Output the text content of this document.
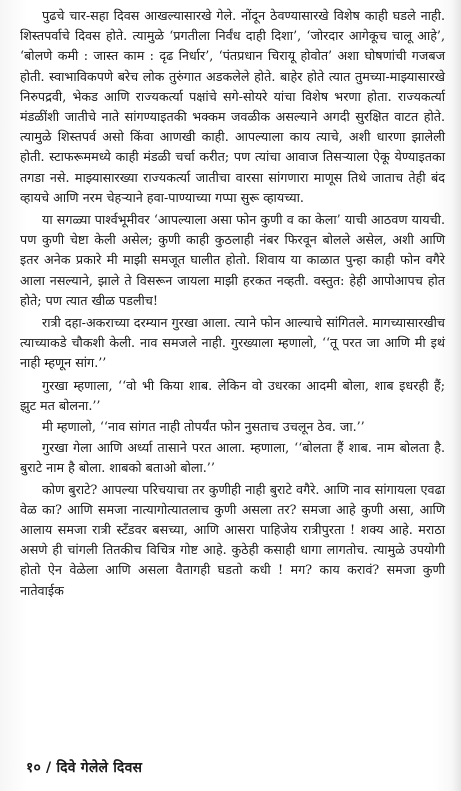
पुढचे चार-सहा दिवस आखल्यासारखे गेले. नोंदून ठेवण्यासारखे विशेष काही घडले नाही. शिस्तपर्वाचे दिवस होते. त्यामुळे ‘प्रगतीला निर्वंध दाही दिशा’, ‘जोरदार आगेकूच चालू आहे’, ‘बोलणे कमी : जास्त काम : दृढ निर्धार’, ‘पंतप्रधान चिरायू होवोत’ अशा घोषणांची गजबज होती. स्वाभाविकपणे बरेच लोक तुरुंगात अडकलेले होते. बाहेर होते त्यात तुमच्या-माझ्यासारखे निरुपद्रवी, भेकड आणि राज्यकर्त्या पक्षांचे सगे-सोयरे यांचा विशेष भरणा होता. राज्यकर्त्या मंडळींशी जातीचे नाते सांगण्याइतकी भक्कम जवळीक असल्याने अगदी सुरक्षित वाटत होते. त्यामुळे शिस्तपर्व असो किंवा आणखी काही. आपल्याला काय त्याचे, अशी धारणा झालेली होती. स्टाफरूममध्ये काही मंडळी चर्चा करीत; पण त्यांचा आवाज तिसऱ्याला ऐकू येण्याइतका तगडा नसे. माझ्यासारख्या राज्यकर्त्या जातीचा वारसा सांगणारा माणूस तिथे जाताच तेही बंद व्हायचे आणि नरम चेहऱ्याने हवा-पाण्याच्या गप्पा सुरू व्हायच्या.

या सगळ्या पार्श्वभूमीवर ‘आपल्याला असा फोन कुणी व का केला’ याची आठवण यायची. पण कुणी चेष्टा केली असेल; कुणी काही कुठलाही नंबर फिरवून बोलले असेल, अशी आणि इतर अनेक प्रकारे मी माझी समजूत घालीत होतो. शिवाय या काळात पुन्हा काही फोन वगैरे आला नसल्याने, झाले ते विसरून जायला माझी हरकत नव्हती. वस्तुत: हेही आपोआपच होत होते; पण त्यात खीळ पडलीच!

रात्री दहा-अकराच्या दरम्यान गुरखा आला. त्याने फोन आल्याचे सांगितले. मागच्यासारखीच त्याच्याकडे चौकशी केली. नाव समजले नाही. गुरख्याला म्हणालो, ‘‘तू परत जा आणि मी इथं नाही म्हणून सांग.’’

गुरखा म्हणाला, ‘‘वो भी किया शाब. लेकिन वो उधरका आदमी बोला, शाब इधरही हैं; झुट मत बोलना.’’

मी म्हणालो, ‘‘नाव सांगत नाही तोपर्यंत फोन नुसताच उचलून ठेव. जा.’’

गुरखा गेला आणि अर्ध्या तासाने परत आला. म्हणाला, ‘‘बोलता हैं शाब. नाम बोलता है. बुराटे नाम है बोला. शाबको बताओ बोला.’’

कोण बुराटे? आपल्या परिचयाचा तर कुणीही नाही बुराटे वगैरे. आणि नाव सांगायला एवढा वेळ का? आणि समजा नात्यागोत्यातलाच कुणी असला तर? समजा आहे कुणी असा, आणि आलाय समजा रात्री स्टँडवर बसच्या, आणि आसरा पाहिजेय रात्रीपुरता ! शक्य आहे. मराठा असणे ही चांगली तितकीच विचित्र गोष्ट आहे. कुठेही कसाही धागा लागतोच. त्यामुळे उपयोगी होतो ऐन वेळेला आणि असला वैतागही घडतो कधी ! मग? काय करावं? समजा कुणी नातेवाईक

१० / दिवे गेलेले दिवस
